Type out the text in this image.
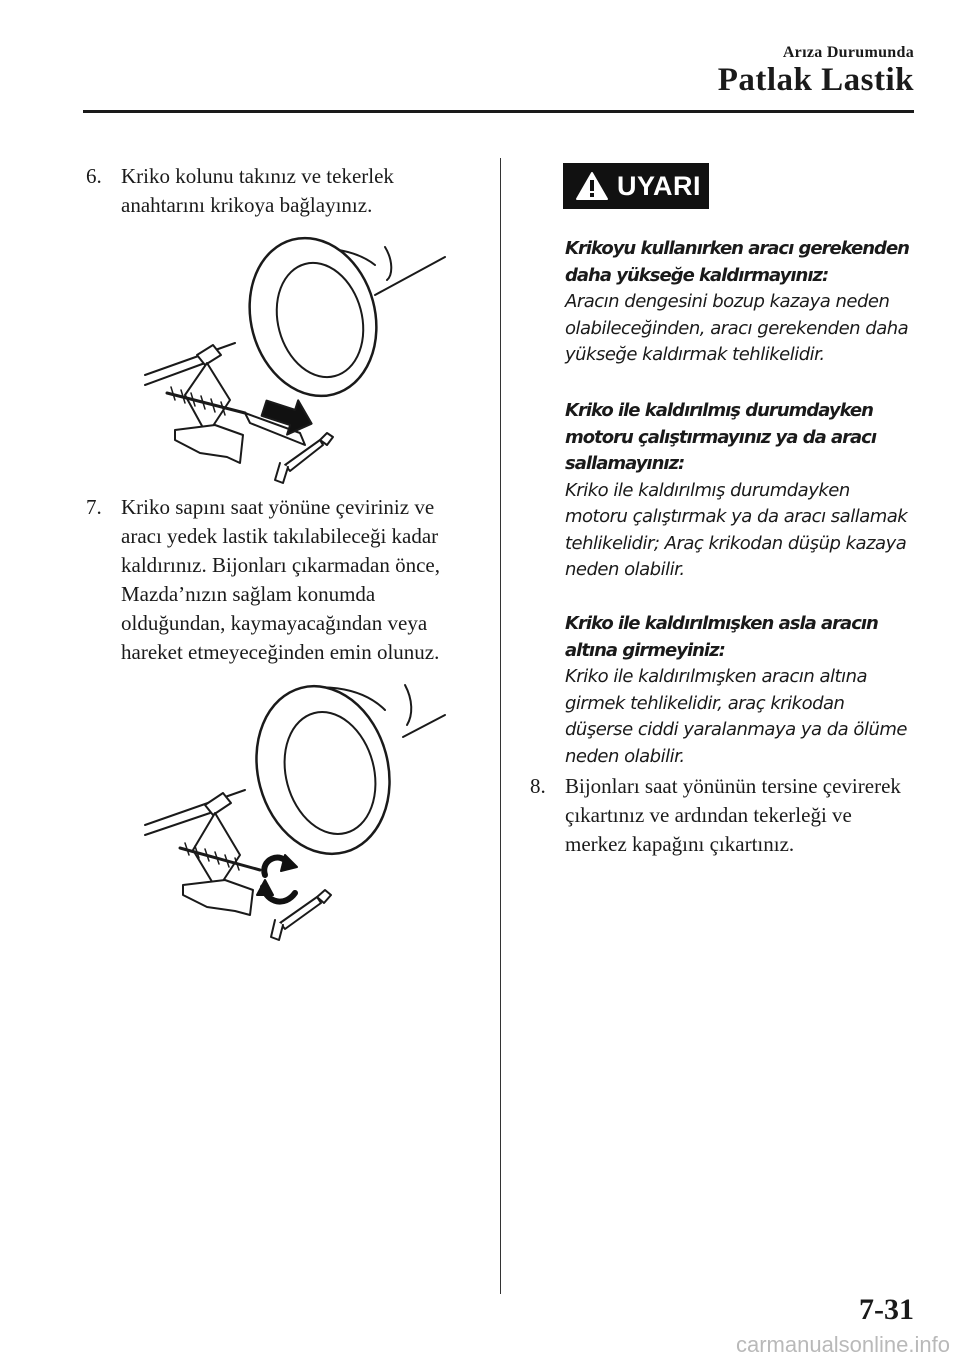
Arıza Durumunda
Patlak Lastik
6. Kriko kolunu takınız ve tekerlek anahtarını krikoya bağlayınız.
7. Kriko sapını saat yönüne çeviriniz ve aracı yedek lastik takılabileceği kadar kaldırınız. Bijonları çıkarmadan önce, Mazda’nızın sağlam konumda olduğundan, kaymayacağından veya hareket etmeyeceğinden emin olunuz.
UYARI
Krikoyu kullanırken aracı gerekenden daha yükseğe kaldırmayınız:
Aracın dengesini bozup kazaya neden olabileceğinden, aracı gerekenden daha yükseğe kaldırmak tehlikelidir.
Kriko ile kaldırılmış durumdayken motoru çalıştırmayınız ya da aracı sallamayınız:
Kriko ile kaldırılmış durumdayken motoru çalıştırmak ya da aracı sallamak tehlikelidir; Araç krikodan düşüp kazaya neden olabilir.
Kriko ile kaldırılmışken asla aracın altına girmeyiniz:
Kriko ile kaldırılmışken aracın altına girmek tehlikelidir, araç krikodan düşerse ciddi yaralanmaya ya da ölüme neden olabilir.
8. Bijonları saat yönünün tersine çevirerek çıkartınız ve ardından tekerleği ve merkez kapağını çıkartınız.
7-31
carmanualsonline.info
